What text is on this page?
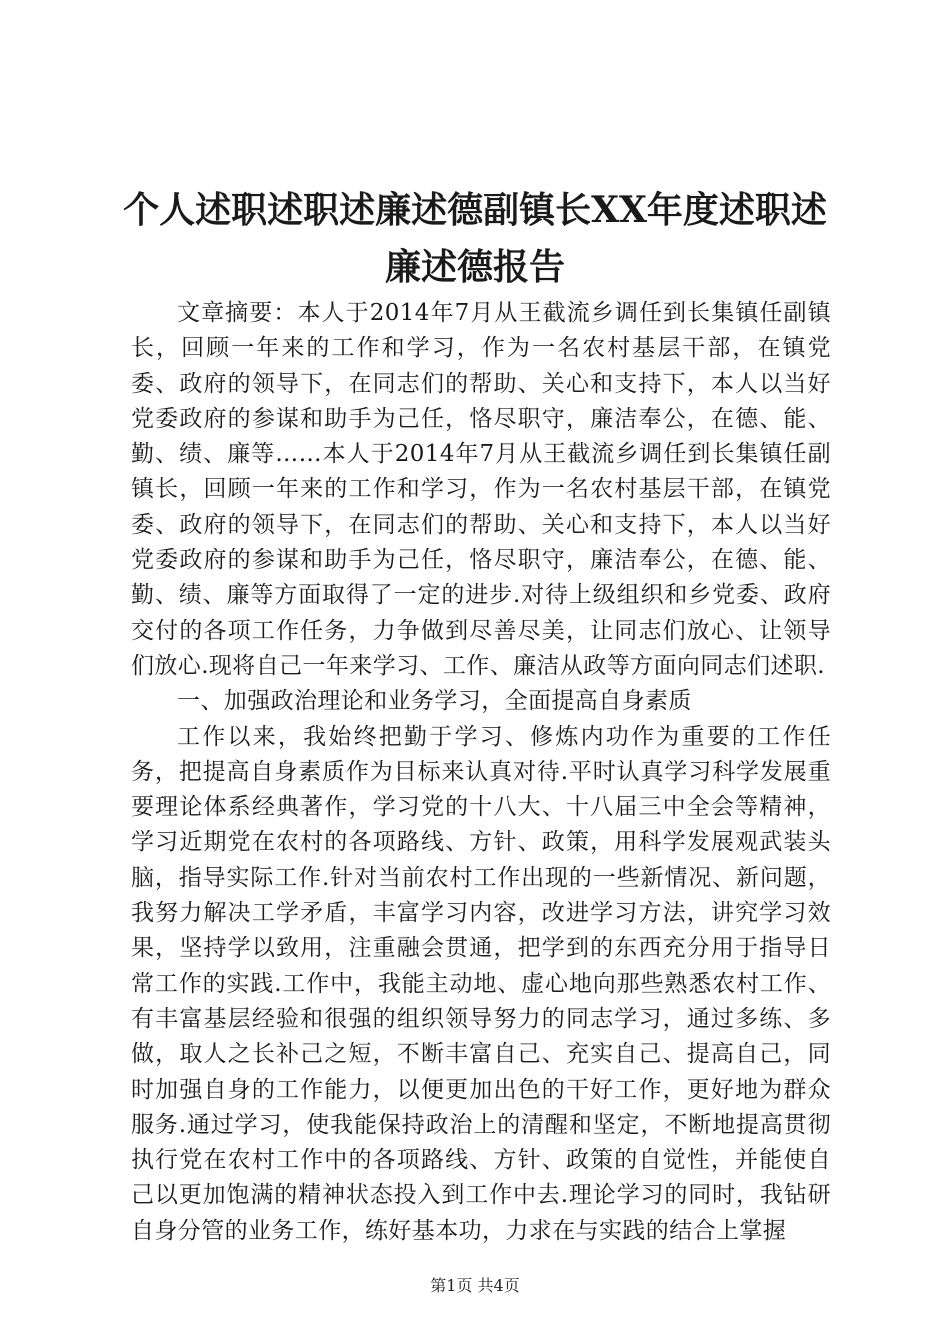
个人述职述职述廉述德副镇长XX年度述职述
廉述德报告

文章摘要：本人于2014年7月从王截流乡调任到长集镇任副镇长，回顾一年来的工作和学习，作为一名农村基层干部，在镇党委、政府的领导下，在同志们的帮助、关心和支持下，本人以当好党委政府的参谋和助手为己任，恪尽职守，廉洁奉公，在德、能、勤、绩、廉等……本人于2014年7月从王截流乡调任到长集镇任副镇长，回顾一年来的工作和学习，作为一名农村基层干部，在镇党委、政府的领导下，在同志们的帮助、关心和支持下，本人以当好党委政府的参谋和助手为己任，恪尽职守，廉洁奉公，在德、能、勤、绩、廉等方面取得了一定的进步.对待上级组织和乡党委、政府交付的各项工作任务，力争做到尽善尽美，让同志们放心、让领导们放心.现将自己一年来学习、工作、廉洁从政等方面向同志们述职.

一、加强政治理论和业务学习，全面提高自身素质

工作以来，我始终把勤于学习、修炼内功作为重要的工作任务，把提高自身素质作为目标来认真对待.平时认真学习科学发展重要理论体系经典著作，学习党的十八大、十八届三中全会等精神，学习近期党在农村的各项路线、方针、政策，用科学发展观武装头脑，指导实际工作.针对当前农村工作出现的一些新情况、新问题，我努力解决工学矛盾，丰富学习内容，改进学习方法，讲究学习效果，坚持学以致用，注重融会贯通，把学到的东西充分用于指导日常工作的实践.工作中，我能主动地、虚心地向那些熟悉农村工作、有丰富基层经验和很强的组织领导努力的同志学习，通过多练、多做，取人之长补己之短，不断丰富自己、充实自己、提高自己，同时加强自身的工作能力，以便更加出色的干好工作，更好地为群众服务.通过学习，使我能保持政治上的清醒和坚定，不断地提高贯彻执行党在农村工作中的各项路线、方针、政策的自觉性，并能使自己以更加饱满的精神状态投入到工作中去.理论学习的同时，我钻研自身分管的业务工作，练好基本功，力求在与实践的结合上掌握

第1页 共4页
